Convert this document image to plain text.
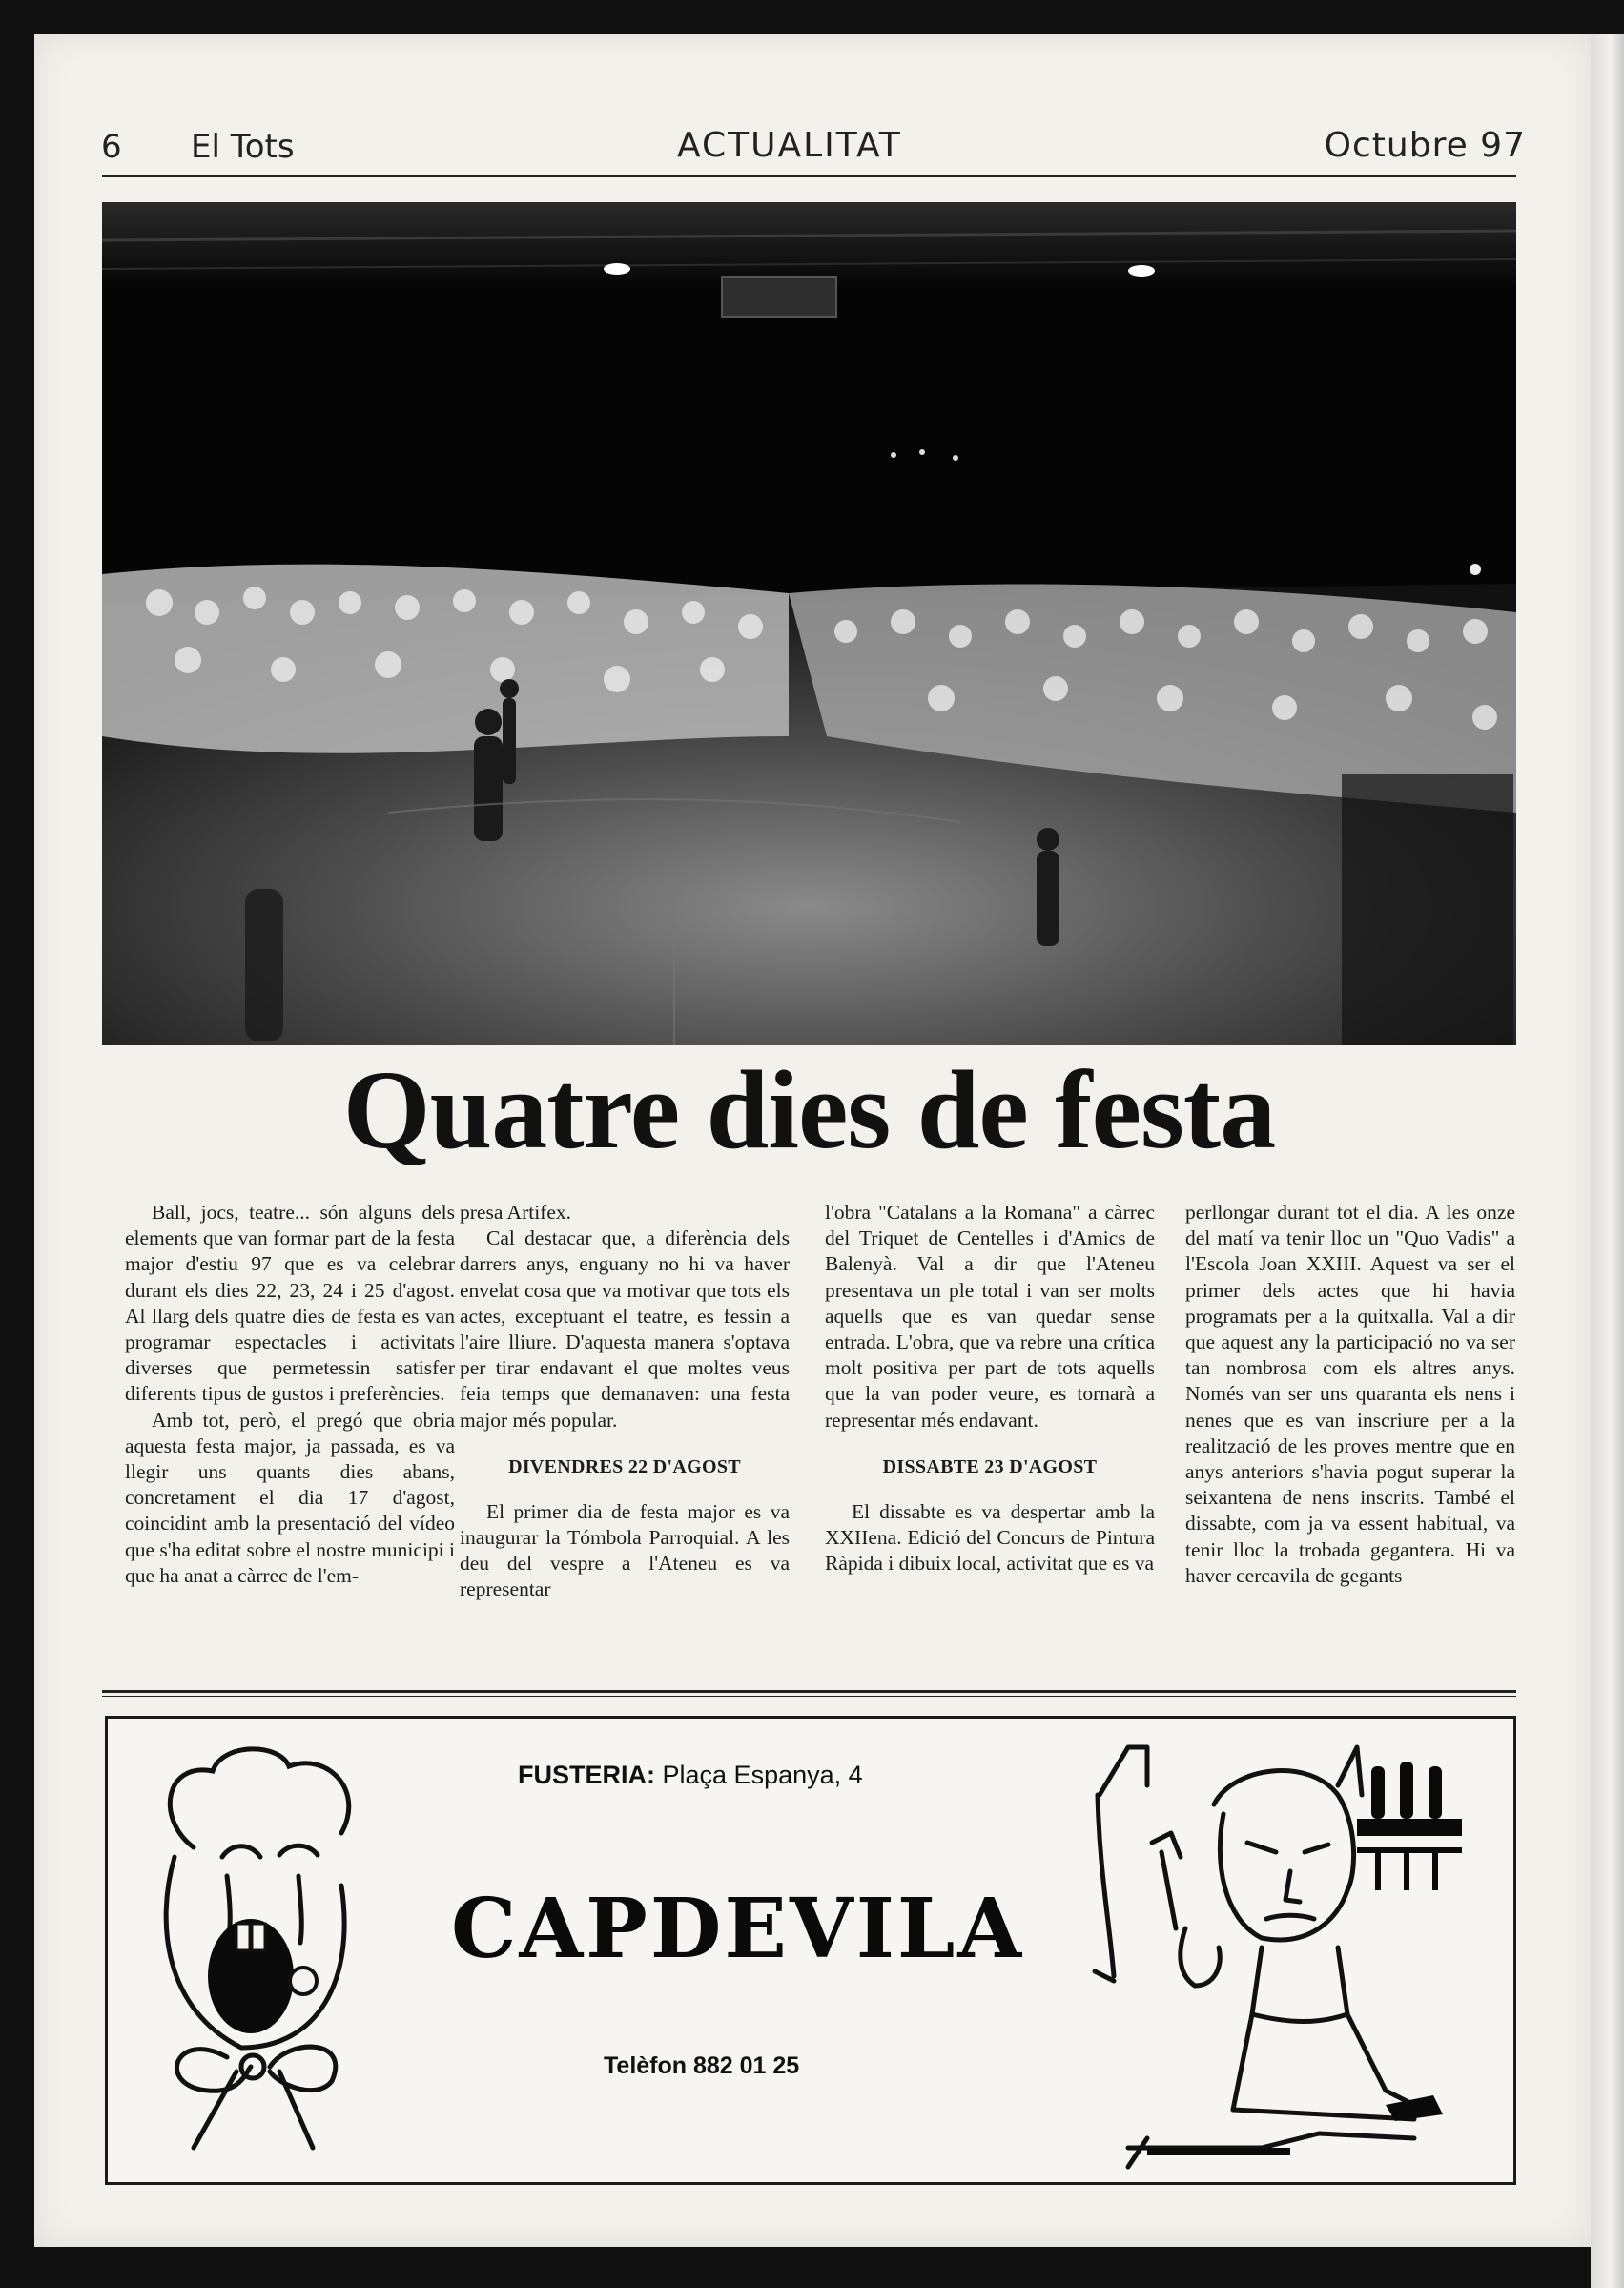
6 El Tots	ACTUALITAT	Octubre 97
Quatre dies de festa

Ball, jocs, teatre... són alguns dels elements que van formar part de la festa major d'estiu 97 que es va celebrar durant els dies 22, 23, 24 i 25 d'agost. Al llarg dels quatre dies de festa es van programar espectacles i activitats diverses que permetessin satisfer diferents tipus de gustos i preferències.

Amb tot, però, el pregó que obria aquesta festa major, ja passada, es va llegir uns quants dies abans, concretament el dia 17 d'agost, coincidint amb la presentació del vídeo que s'ha editat sobre el nostre municipi i que ha anat a càrrec de l'em-

presa Artifex.

Cal destacar que, a diferència dels darrers anys, enguany no hi va haver envelat cosa que va motivar que tots els actes, exceptuant el teatre, es fessin a l'aire lliure. D'aquesta manera s'optava per tirar endavant el que moltes veus feia temps que demanaven: una festa major més popular.

DIVENDRES 22 D'AGOST

El primer dia de festa major es va inaugurar la Tómbola Parroquial. A les deu del vespre a l'Ateneu es va representar

l'obra "Catalans a la Romana" a càrrec del Triquet de Centelles i d'Amics de Balenyà. Val a dir que l'Ateneu presentava un ple total i van ser molts aquells que es van quedar sense entrada. L'obra, que va rebre una crítica molt positiva per part de tots aquells que la van poder veure, es tornarà a representar més endavant.

DISSABTE 23 D'AGOST

El dissabte es va despertar amb la XXIIena. Edició del Concurs de Pintura Ràpida i dibuix local, activitat que es va

perllongar durant tot el dia. A les onze del matí va tenir lloc un "Quo Vadis" a l'Escola Joan XXIII. Aquest va ser el primer dels actes que hi havia programats per a la quitxalla. Val a dir que aquest any la participació no va ser tan nombrosa com els altres anys. Només van ser uns quaranta els nens i nenes que es van inscriure per a la realització de les proves mentre que en anys anteriors s'havia pogut superar la seixantena de nens inscrits. També el dissabte, com ja va essent habitual, va tenir lloc la trobada gegantera. Hi va haver cercavila de gegants

FUSTERIA: Plaça Espanya, 4
CAPDEVILA
Telèfon 882 01 25
